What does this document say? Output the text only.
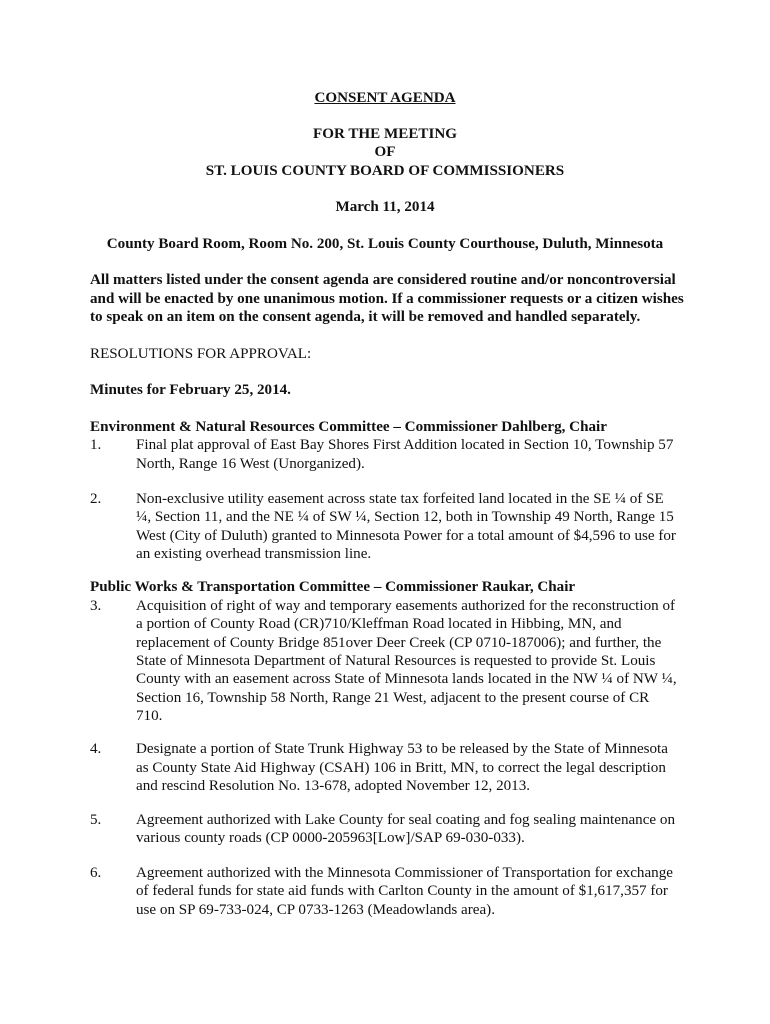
CONSENT AGENDA

FOR THE MEETING

OF

ST. LOUIS COUNTY BOARD OF COMMISSIONERS

March 11, 2014

County Board Room, Room No. 200, St. Louis County Courthouse, Duluth, Minnesota

All matters listed under the consent agenda are considered routine and/or noncontroversial

and will be enacted by one unanimous motion. If a commissioner requests or a citizen wishes

to speak on an item on the consent agenda, it will be removed and handled separately.

RESOLUTIONS FOR APPROVAL:

Minutes for February 25, 2014.

Environment & Natural Resources Committee – Commissioner Dahlberg, Chair

1. Final plat approval of East Bay Shores First Addition located in Section 10, Township 57

North, Range 16 West (Unorganized).

2. Non-exclusive utility easement across state tax forfeited land located in the SE ¼ of SE

¼, Section 11, and the NE ¼ of SW ¼, Section 12, both in Township 49 North, Range 15

West (City of Duluth) granted to Minnesota Power for a total amount of $4,596 to use for

an existing overhead transmission line.

Public Works & Transportation Committee – Commissioner Raukar, Chair

3. Acquisition of right of way and temporary easements authorized for the reconstruction of

a portion of County Road (CR)710/Kleffman Road located in Hibbing, MN, and

replacement of County Bridge 851over Deer Creek (CP 0710-187006); and further, the

State of Minnesota Department of Natural Resources is requested to provide St. Louis

County with an easement across State of Minnesota lands located in the NW ¼ of NW ¼,

Section 16, Township 58 North, Range 21 West, adjacent to the present course of CR

710.

4. Designate a portion of State Trunk Highway 53 to be released by the State of Minnesota

as County State Aid Highway (CSAH) 106 in Britt, MN, to correct the legal description

and rescind Resolution No. 13-678, adopted November 12, 2013.

5. Agreement authorized with Lake County for seal coating and fog sealing maintenance on

various county roads (CP 0000-205963[Low]/SAP 69-030-033).

6. Agreement authorized with the Minnesota Commissioner of Transportation for exchange

of federal funds for state aid funds with Carlton County in the amount of $1,617,357 for

use on SP 69-733-024, CP 0733-1263 (Meadowlands area).
